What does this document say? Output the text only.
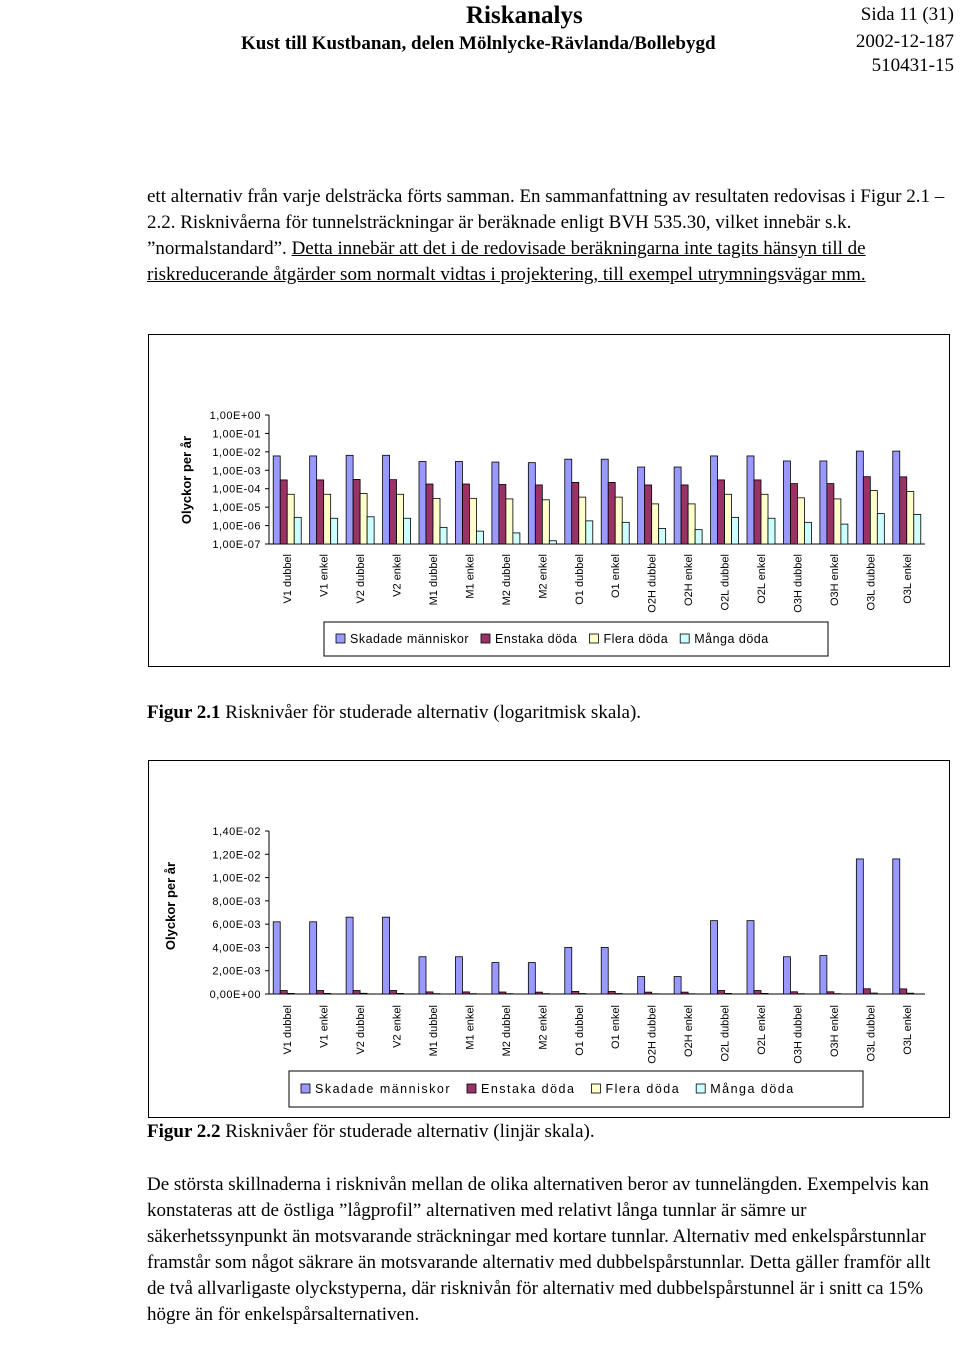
Riskanalys	Sida 11 (31)
Kust till Kustbanan, delen Mölnlycke-Rävlanda/Bollebygd	2002-12-187
510431-15

ett alternativ från varje delsträcka förts samman. En sammanfattning av resultaten redovisas i Figur 2.1 –2.2. Risknivåerna för tunnelsträckningar är beräknade enligt BVH 535.30, vilket innebär s.k. ”normalstandard”. Detta innebär att det i de redovisade beräkningarna inte tagits hänsyn till de riskreducerande åtgärder som normalt vidtas i projektering, till exempel utrymningsvägar mm.

1,00E+00
1,00E-01
1,00E-02
1,00E-03
1,00E-04
1,00E-05
1,00E-06
1,00E-07
Olyckor per år
V1 dubbel V1 enkel V2 dubbel V2 enkel M1 dubbel M1 enkel M2 dubbel M2 enkel O1 dubbel O1 enkel O2H dubbel O2H enkel O2L dubbel O2L enkel O3H dubbel O3H enkel O3L dubbel O3L enkel
Skadade människor Enstaka döda Flera döda Många döda
Figur 2.1 Risknivåer för studerade alternativ (logaritmisk skala).
1,40E-02
1,20E-02
1,00E-02
8,00E-03
6,00E-03
4,00E-03
2,00E-03
0,00E+00
Olyckor per år
V1 dubbel V1 enkel V2 dubbel V2 enkel M1 dubbel M1 enkel M2 dubbel M2 enkel O1 dubbel O1 enkel O2H dubbel O2H enkel O2L dubbel O2L enkel O3H dubbel O3H enkel O3L dubbel O3L enkel
Skadade människor Enstaka döda Flera döda Många döda
Figur 2.2 Risknivåer för studerade alternativ (linjär skala).

De största skillnaderna i risknivån mellan de olika alternativen beror av tunnelängden. Exempelvis kan konstateras att de östliga ”lågprofil” alternativen med relativt långa tunnlar är sämre ur säkerhetssynpunkt än motsvarande sträckningar med kortare tunnlar. Alternativ med enkelspårstunnlar framstår som något säkrare än motsvarande alternativ med dubbelspårstunnlar. Detta gäller framför allt de två allvarligaste olyckstyperna, där risknivån för alternativ med dubbelspårstunnel är i snitt ca 15% högre än för enkelspårsalternativen.
